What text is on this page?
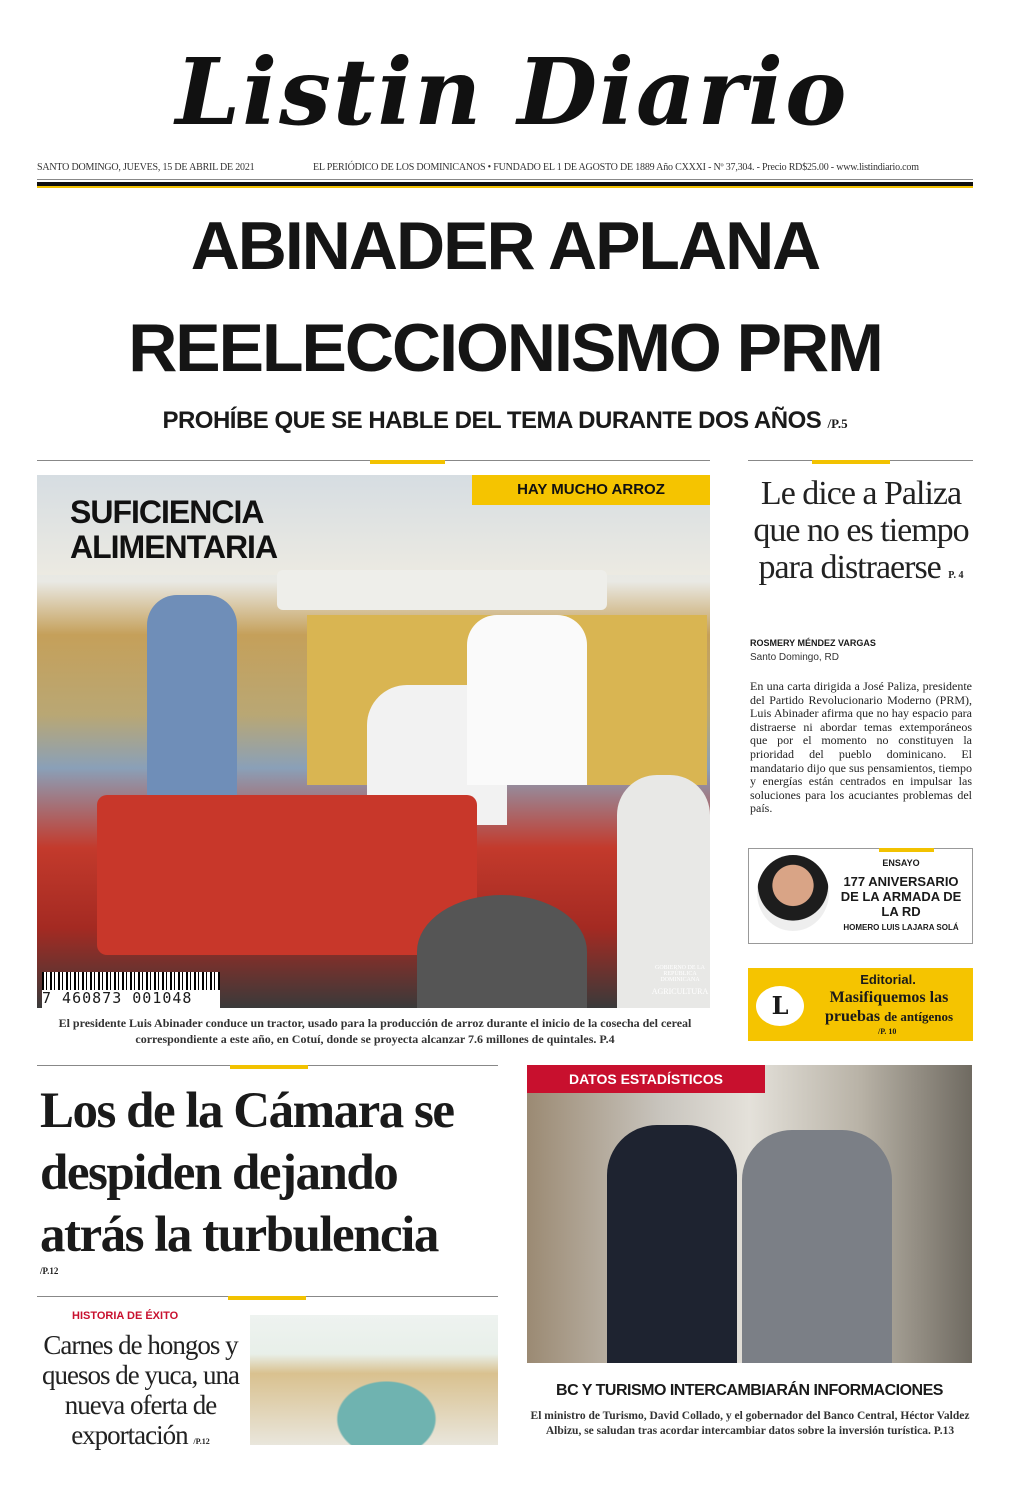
Listin Diario
SANTO DOMINGO, JUEVES, 15 DE ABRIL DE 2021	EL PERIÓDICO DE LOS DOMINICANOS • FUNDADO EL 1 DE AGOSTO DE 1889 Año CXXXI - Nº 37,304. - Precio RD$25.00 - www.listindiario.com
ABINADER APLANA
REELECCIONISMO PRM
PROHÍBE QUE SE HABLE DEL TEMA DURANTE DOS AÑOS /P.5
HAY MUCHO ARROZ
SUFICIENCIA
ALIMENTARIA
7 460873 001048
GOBIERNO DE LA REPÚBLICA DOMINICANA
AGRICULTURA
El presidente Luis Abinader conduce un tractor, usado para la producción de arroz durante el inicio de la cosecha del cereal correspondiente a este año, en Cotuí, donde se proyecta alcanzar 7.6 millones de quintales. P.4
Le dice a Paliza que no es tiempo para distraerse P. 4
ROSMERY MÉNDEZ VARGAS
Santo Domingo, RD
En una carta dirigida a José Paliza, presidente del Partido Revolucionario Moderno (PRM), Luis Abinader afirma que no hay espacio para distraerse ni abordar temas extemporáneos que por el momento no constituyen la prioridad del pueblo dominicano. El mandatario dijo que sus pensamientos, tiempo y energías están centrados en impulsar las soluciones para los acuciantes problemas del país.
ENSAYO
177 ANIVERSARIO DE LA ARMADA DE LA RD
HOMERO LUIS LAJARA SOLÁ
L
Editorial.
Masifiquemos las pruebas de antígenos
/P. 10
Los de la Cámara se despiden dejando atrás la turbulencia
/P.12
HISTORIA DE ÉXITO
Carnes de hongos y quesos de yuca, una nueva oferta de exportación /P.12
DATOS ESTADÍSTICOS
BC Y TURISMO INTERCAMBIARÁN INFORMACIONES
El ministro de Turismo, David Collado, y el gobernador del Banco Central, Héctor Valdez Albizu, se saludan tras acordar intercambiar datos sobre la inversión turística. P.13
